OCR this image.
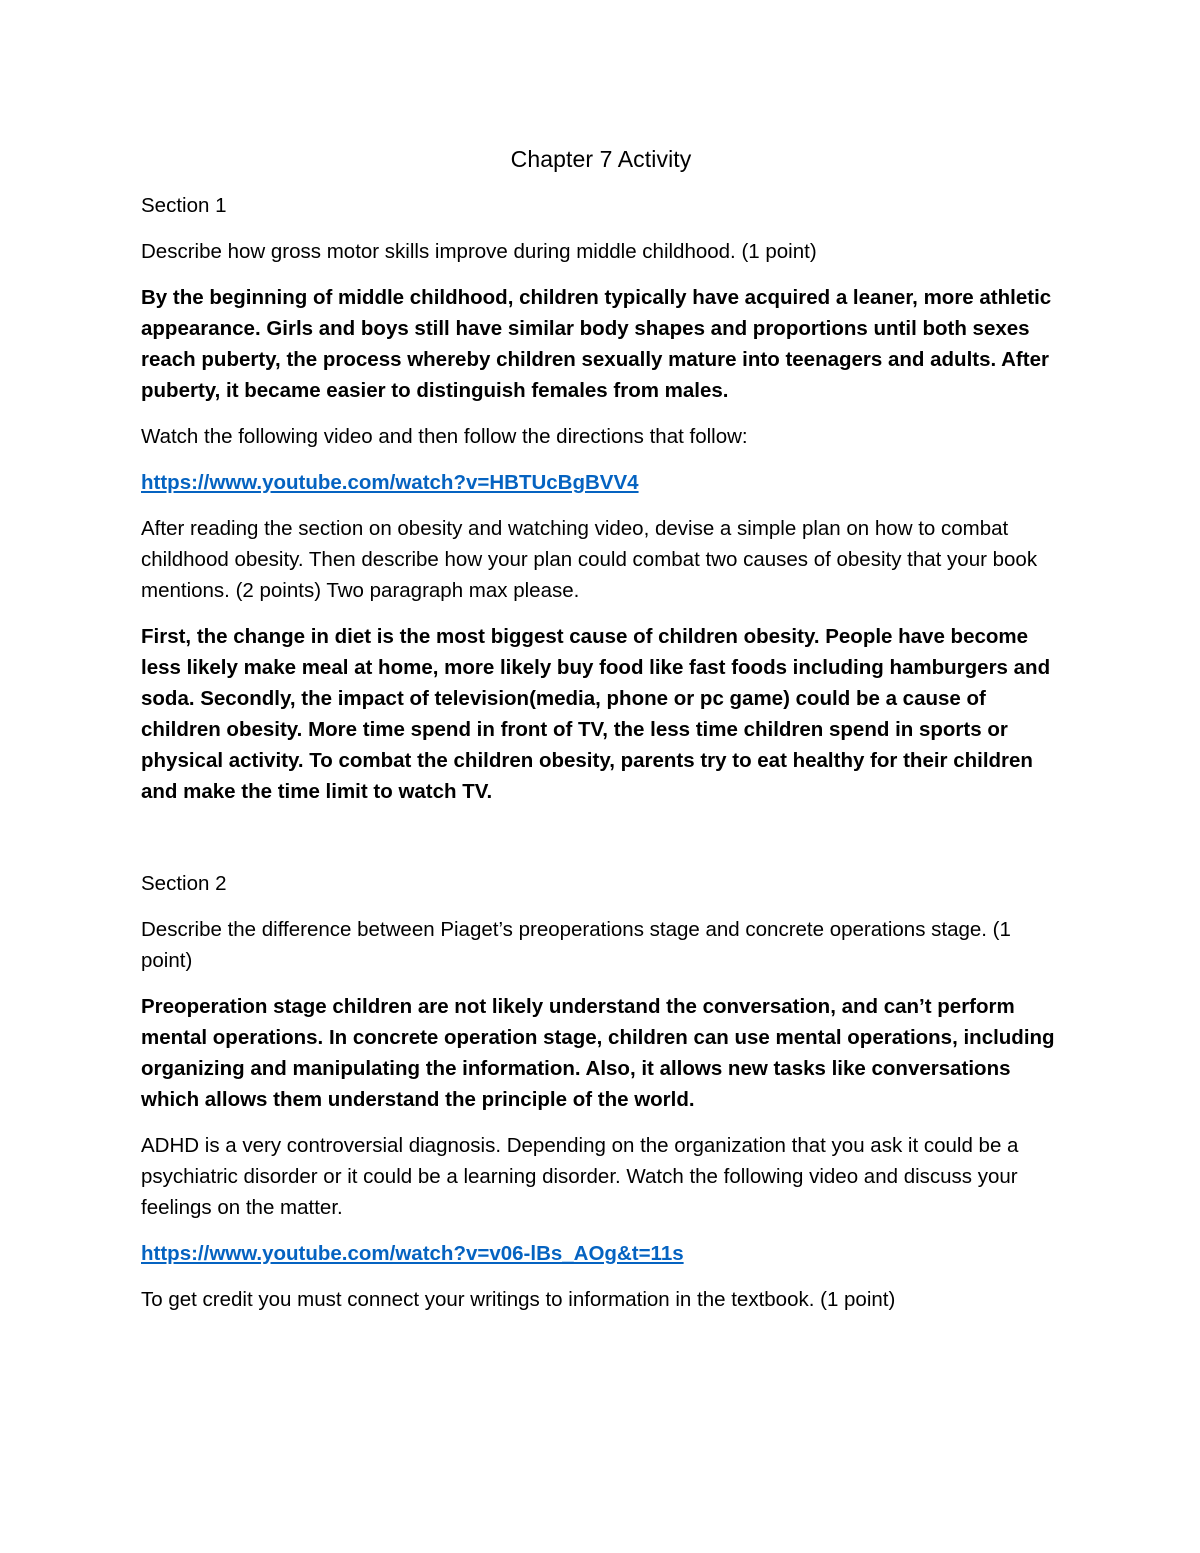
Chapter 7 Activity

Section 1

Describe how gross motor skills improve during middle childhood. (1 point)

By the beginning of middle childhood, children typically have acquired a leaner, more athletic appearance. Girls and boys still have similar body shapes and proportions until both sexes reach puberty, the process whereby children sexually mature into teenagers and adults. After puberty, it became easier to distinguish females from males.

Watch the following video and then follow the directions that follow:

https://www.youtube.com/watch?v=HBTUcBgBVV4

After reading the section on obesity and watching video, devise a simple plan on how to combat childhood obesity. Then describe how your plan could combat two causes of obesity that your book mentions. (2 points) Two paragraph max please.

First, the change in diet is the most biggest cause of children obesity. People have become less likely make meal at home, more likely buy food like fast foods including hamburgers and soda. Secondly, the impact of television(media, phone or pc game) could be a cause of children obesity. More time spend in front of TV, the less time children spend in sports or physical activity. To combat the children obesity, parents try to eat healthy for their children and make the time limit to watch TV.

Section 2

Describe the difference between Piaget’s preoperations stage and concrete operations stage. (1 point)

Preoperation stage children are not likely understand the conversation, and can’t perform mental operations. In concrete operation stage, children can use mental operations, including organizing and manipulating the information. Also, it allows new tasks like conversations which allows them understand the principle of the world.

ADHD is a very controversial diagnosis. Depending on the organization that you ask it could be a psychiatric disorder or it could be a learning disorder. Watch the following video and discuss your feelings on the matter.

https://www.youtube.com/watch?v=v06-lBs_AOg&t=11s

To get credit you must connect your writings to information in the textbook. (1 point)
